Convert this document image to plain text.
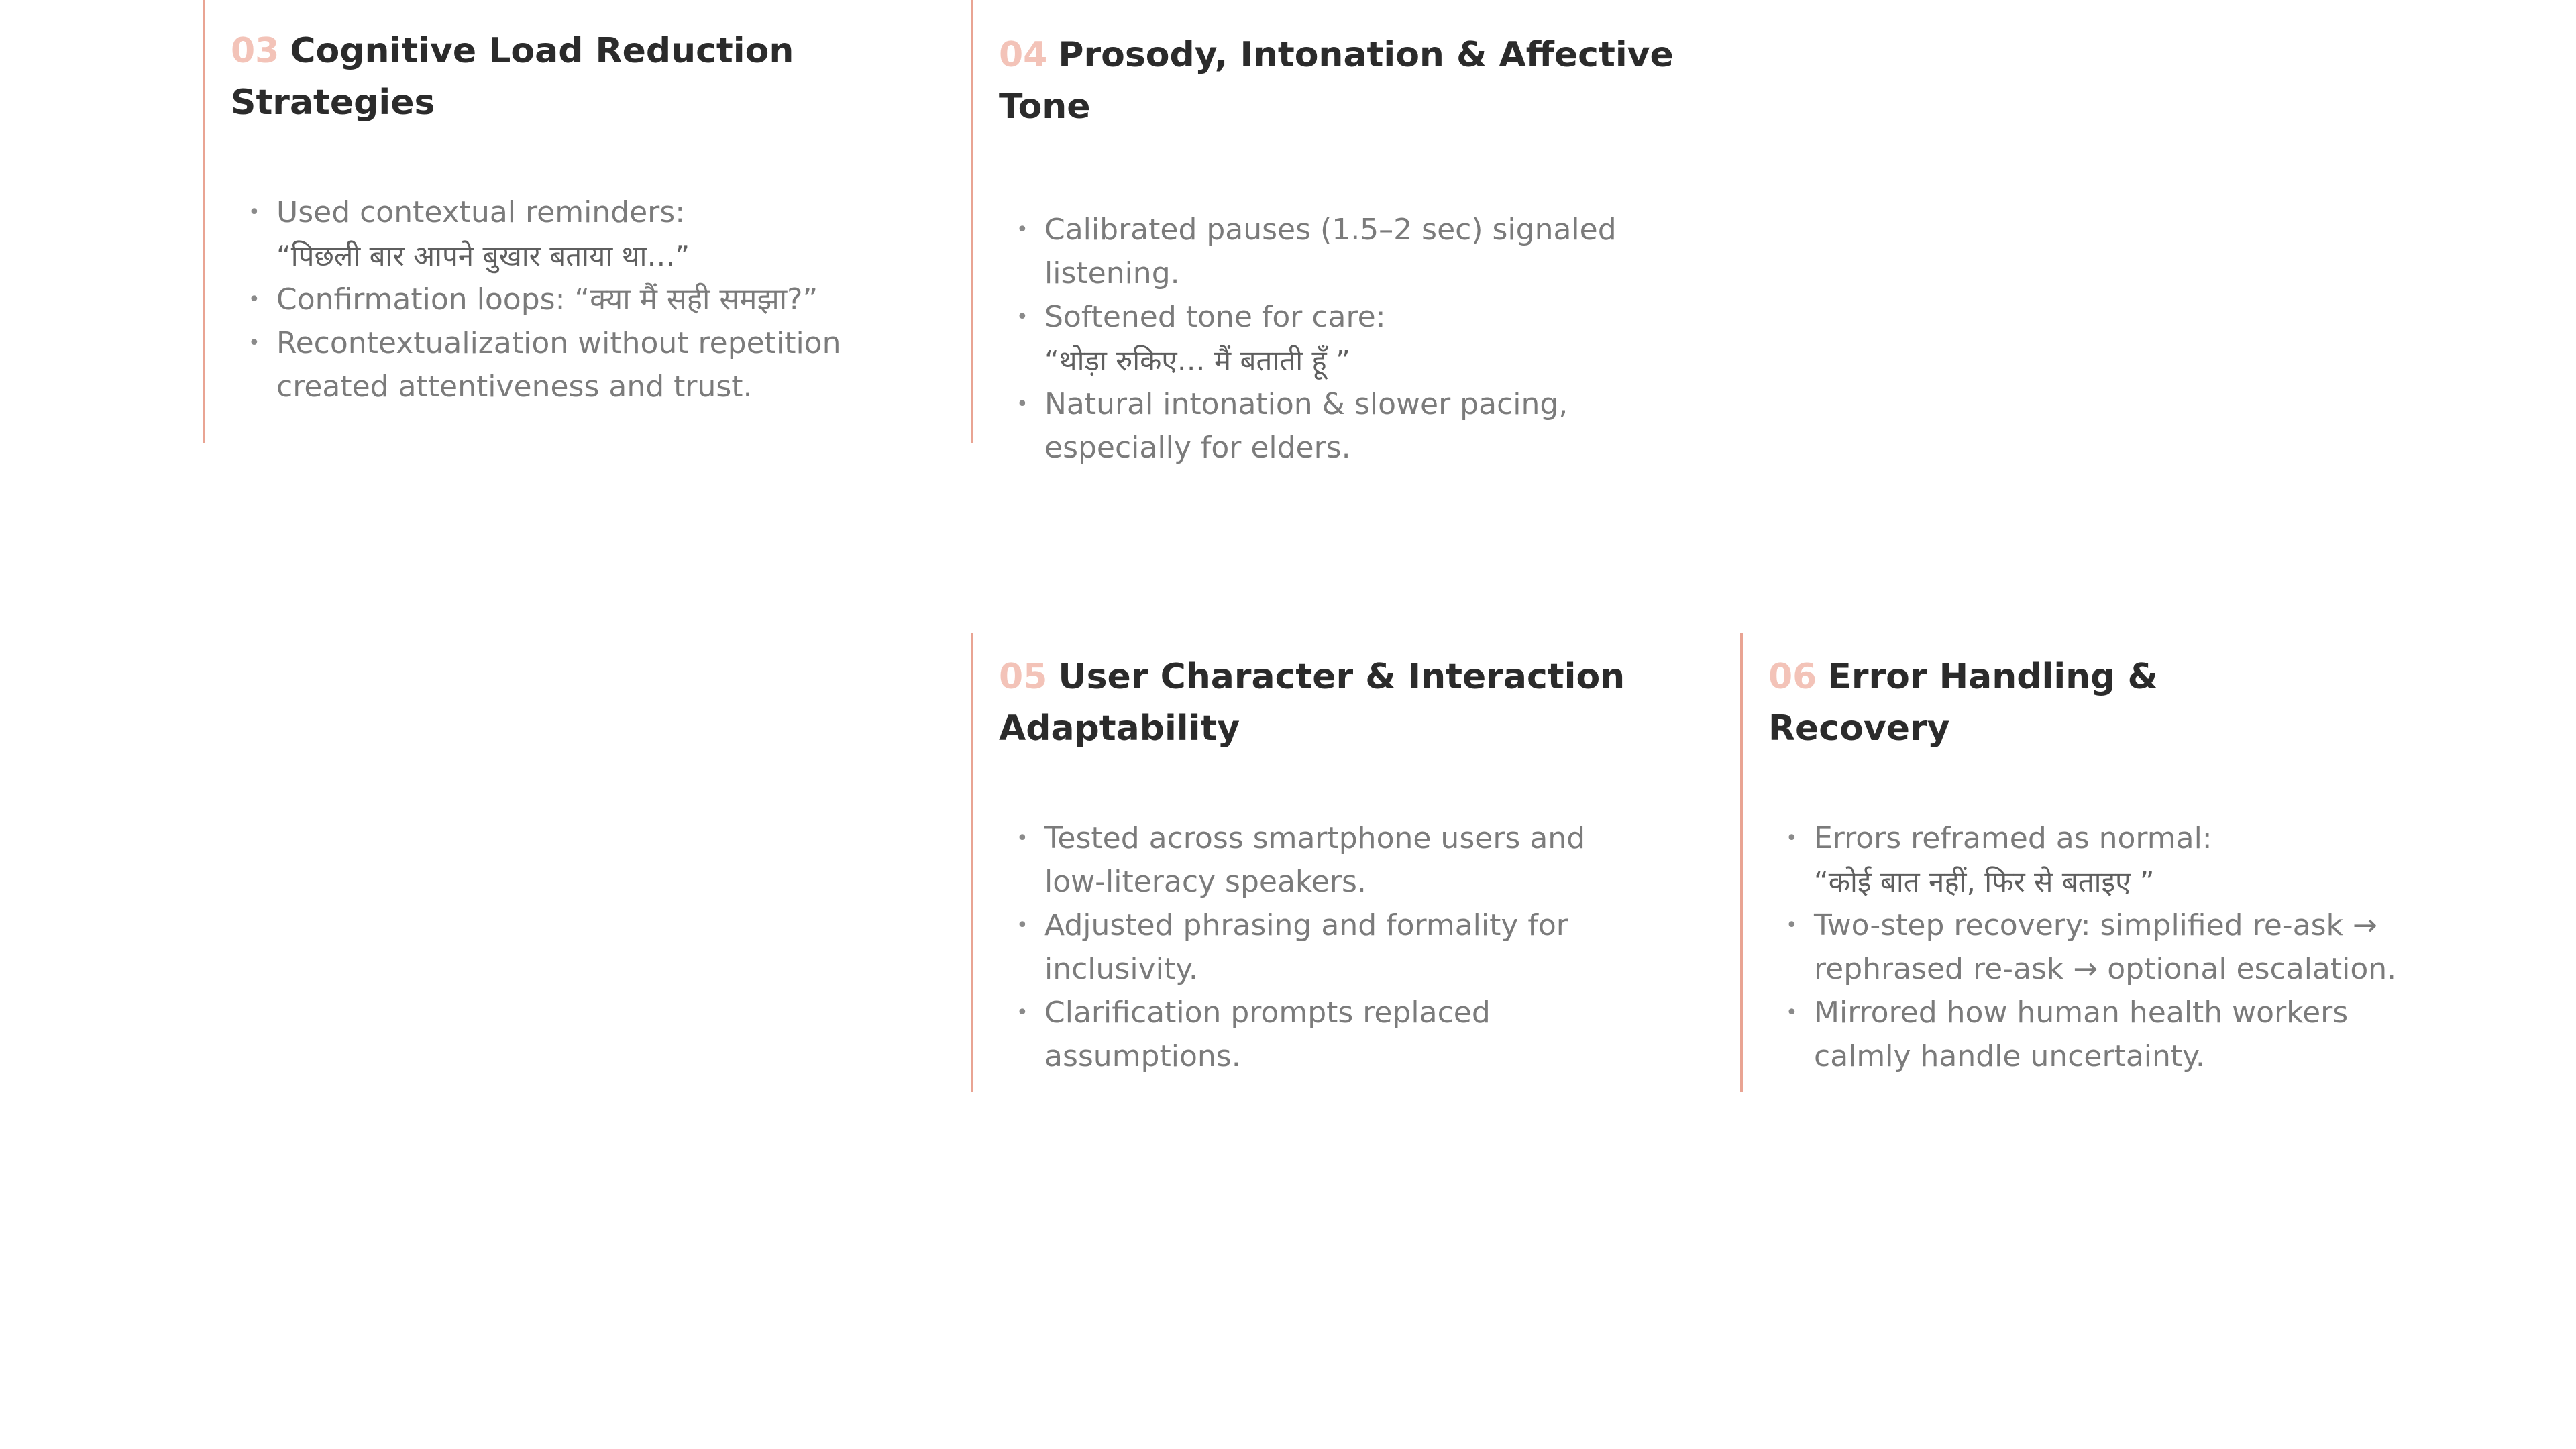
03 Cognitive Load Reduction
Strategies
• Used contextual reminders:
“पिछली बार आपने बुखार बताया था…”
• Confirmation loops: “क्या मैं सही समझा?”
• Recontextualization without repetition
created attentiveness and trust.
04 Prosody, Intonation & Affective Tone
• Calibrated pauses (1.5–2 sec) signaled
listening.
• Softened tone for care:
“थोड़ा रुकिए… मैं बताती हूँ ”
• Natural intonation & slower pacing,
especially for elders.
05 User Character & Interaction
Adaptability
• Tested across smartphone users and
low-literacy speakers.
• Adjusted phrasing and formality for
inclusivity.
• Clarification prompts replaced
assumptions.
06 Error Handling &
Recovery
• Errors reframed as normal:
“कोई बात नहीं, फिर से बताइए ”
• Two-step recovery: simplified re-ask →
rephrased re-ask → optional escalation.
• Mirrored how human health workers
calmly handle uncertainty.
